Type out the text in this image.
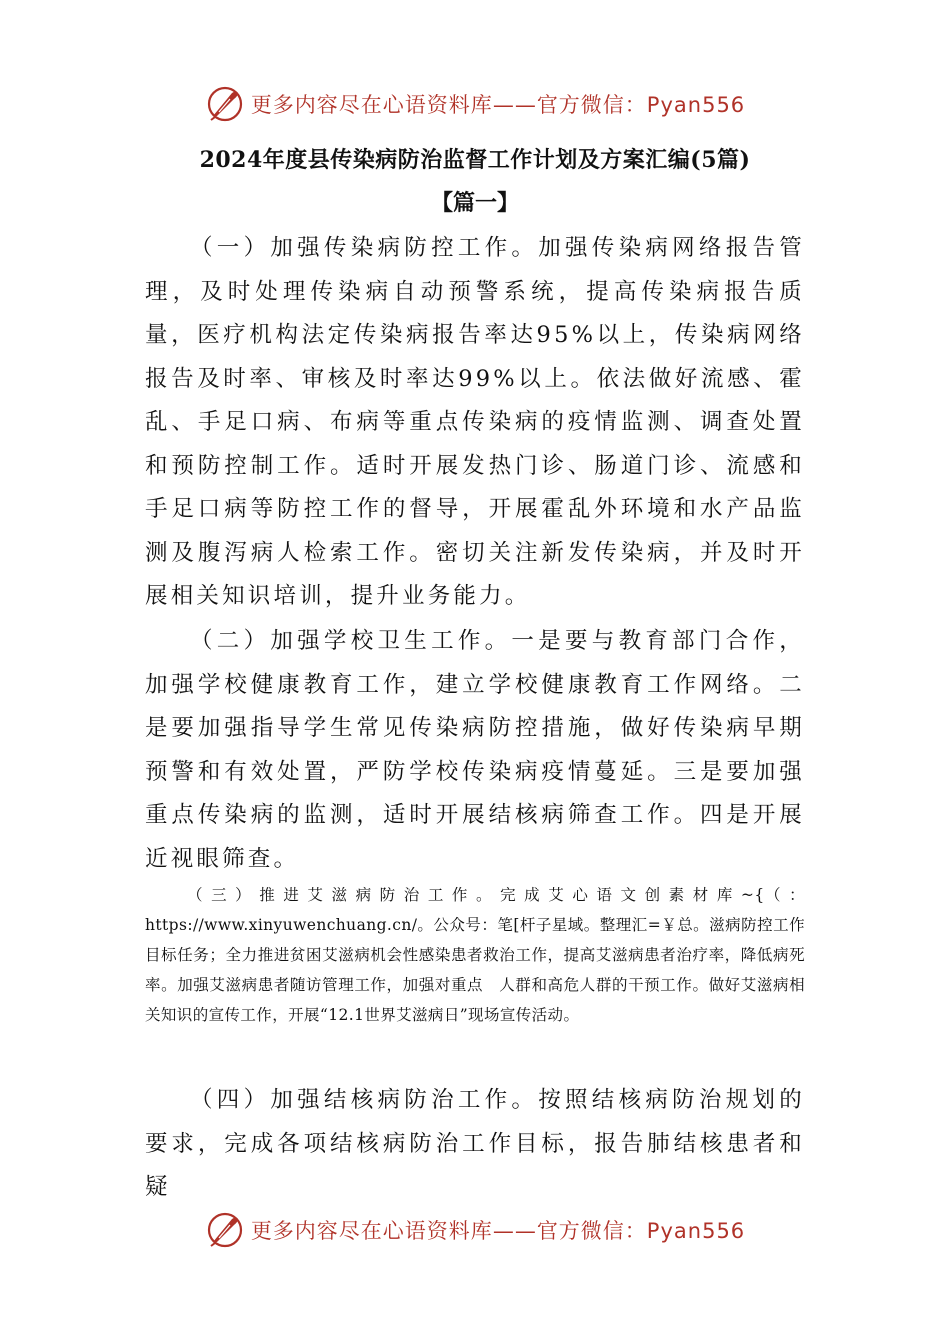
更多内容尽在心语资料库——官方微信：Pyan556
2024年度县传染病防治监督工作计划及方案汇编(5篇)
【篇一】

（一）加强传染病防控工作。加强传染病网络报告管理，及时处理传染病自动预警系统，提高传染病报告质量，医疗机构法定传染病报告率达95%以上，传染病网络报告及时率、审核及时率达99%以上。依法做好流感、霍乱、手足口病、布病等重点传染病的疫情监测、调查处置和预防控制工作。适时开展发热门诊、肠道门诊、流感和手足口病等防控工作的督导，开展霍乱外环境和水产品监测及腹泻病人检索工作。密切关注新发传染病，并及时开展相关知识培训，提升业务能力。

（二）加强学校卫生工作。一是要与教育部门合作，加强学校健康教育工作，建立学校健康教育工作网络。二是要加强指导学生常见传染病防控措施，做好传染病早期预警和有效处置，严防学校传染病疫情蔓延。三是要加强重点传染病的监测，适时开展结核病筛查工作。四是开展近视眼筛查。

（三）推进艾滋病防治工作。完成艾心语文创素材库~{（：https://www.xinyuwenchuang.cn/。公众号：笔[杆子星域。整理汇=￥总。滋病防控工作目标任务；全力推进贫困艾滋病机会性感染患者救治工作，提高艾滋病患者治疗率，降低病死率。加强艾滋病患者随访管理工作，加强对重点　人群和高危人群的干预工作。做好艾滋病相关知识的宣传工作，开展“12.1世界艾滋病日”现场宣传活动。

（四）加强结核病防治工作。按照结核病防治规划的要求，完成各项结核病防治工作目标，报告肺结核患者和疑

更多内容尽在心语资料库——官方微信：Pyan556
